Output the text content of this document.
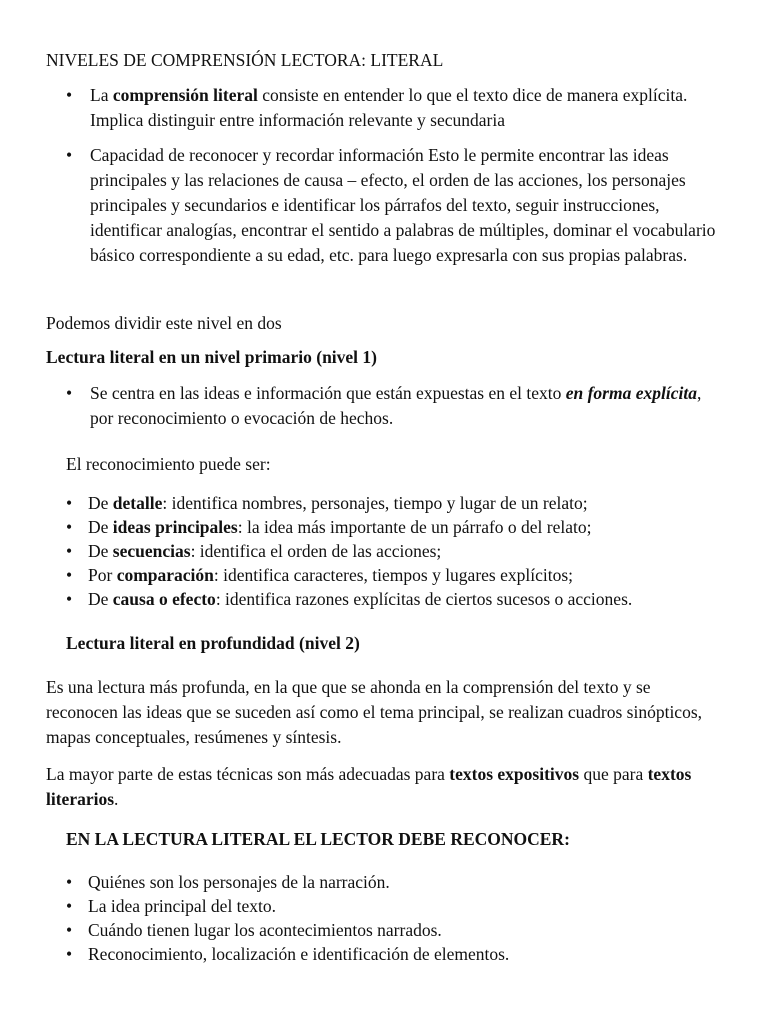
NIVELES DE COMPRENSIÓN LECTORA: LITERAL

• La comprensión literal consiste en entender lo que el texto dice de manera explícita. Implica distinguir entre información relevante y secundaria
• Capacidad de reconocer y recordar información Esto le permite encontrar las ideas principales y las relaciones de causa – efecto, el orden de las acciones, los personajes principales y secundarios e identificar los párrafos del texto, seguir instrucciones, identificar analogías, encontrar el sentido a palabras de múltiples, dominar el vocabulario básico correspondiente a su edad, etc. para luego expresarla con sus propias palabras.

Podemos dividir este nivel en dos

Lectura literal en un nivel primario (nivel 1)

• Se centra en las ideas e información que están expuestas en el texto en forma explícita, por reconocimiento o evocación de hechos.

El reconocimiento puede ser:

• De detalle: identifica nombres, personajes, tiempo y lugar de un relato;
• De ideas principales: la idea más importante de un párrafo o del relato;
• De secuencias: identifica el orden de las acciones;
• Por comparación: identifica caracteres, tiempos y lugares explícitos;
• De causa o efecto: identifica razones explícitas de ciertos sucesos o acciones.

Lectura literal en profundidad (nivel 2)

Es una lectura más profunda, en la que que se ahonda en la comprensión del texto y se reconocen las ideas que se suceden así como el tema principal, se realizan cuadros sinópticos, mapas conceptuales, resúmenes y síntesis.

La mayor parte de estas técnicas son más adecuadas para textos expositivos que para textos literarios.

EN LA LECTURA LITERAL EL LECTOR DEBE RECONOCER:

• Quiénes son los personajes de la narración.
• La idea principal del texto.
• Cuándo tienen lugar los acontecimientos narrados.
• Reconocimiento, localización e identificación de elementos.
